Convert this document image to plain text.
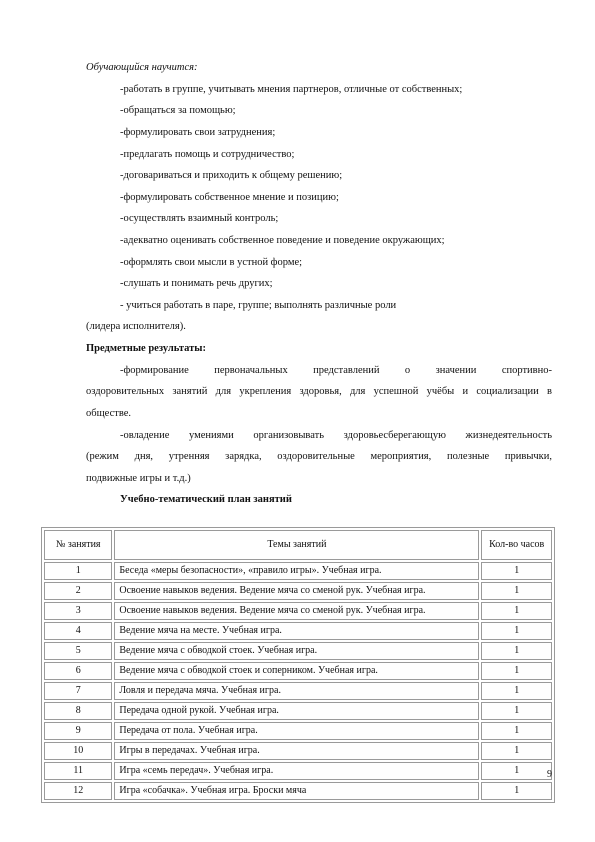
Обучающийся научится:
-работать в группе, учитывать мнения партнеров, отличные от собственных;
-обращаться за помощью;
-формулировать свои затруднения;
-предлагать помощь и сотрудничество;
-договариваться и приходить к общему решению;
-формулировать собственное мнение и позицию;
-осуществлять взаимный контроль;
-адекватно оценивать собственное поведение и поведение окружающих;
-оформлять свои мысли в устной форме;
-слушать и понимать речь других;
- учиться работать в паре, группе; выполнять различные роли
(лидера исполнителя).
Предметные результаты:
-формирование первоначальных представлений о значении спортивно-
оздоровительных занятий для укрепления здоровья, для успешной учёбы и социализации в
обществе.
-овладение умениями организовывать здоровьесберегающую жизнедеятельность
(режим дня, утренняя зарядка, оздоровительные мероприятия, полезные привычки,
подвижные игры и т.д.)
Учебно-тематический план занятий
№ занятия	Темы занятий	Кол-во часов
1	Беседа «меры безопасности», «правило игры». Учебная игра.	1
2	Освоение навыков ведения. Ведение мяча со сменой рук. Учебная игра.	1
3	Освоение навыков ведения. Ведение мяча со сменой рук. Учебная игра.	1
4	Ведение мяча на месте. Учебная игра.	1
5	Ведение мяча с обводкой стоек. Учебная игра.	1
6	Ведение мяча с обводкой стоек и соперником. Учебная игра.	1
7	Ловля и передача мяча. Учебная игра.	1
8	Передача одной рукой. Учебная игра.	1
9	Передача от пола. Учебная игра.	1
10	Игры в передачах. Учебная игра.	1
11	Игра «семь передач». Учебная игра.	1
12	Игра «собачка». Учебная игра. Броски мяча	1
9
